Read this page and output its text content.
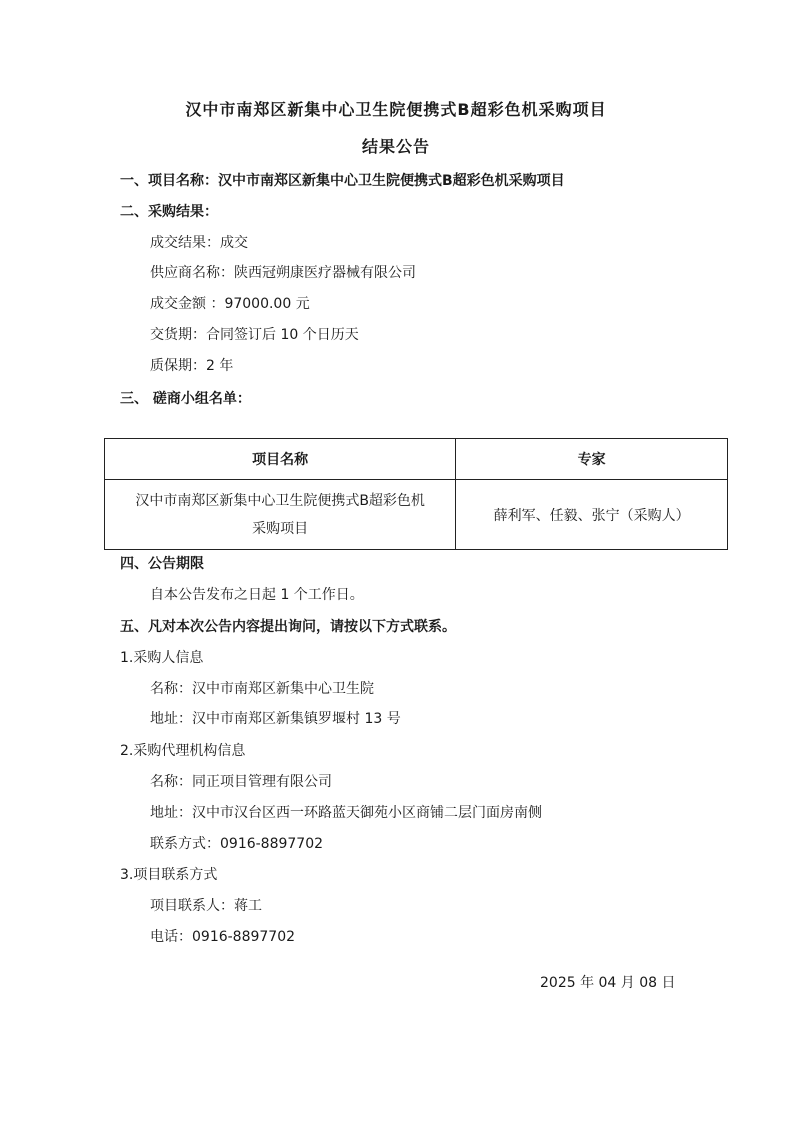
汉中市南郑区新集中心卫生院便携式B超彩色机采购项目
结果公告
一、项目名称：汉中市南郑区新集中心卫生院便携式B超彩色机采购项目
二、采购结果：
成交结果：成交
供应商名称：陕西冠朔康医疗器械有限公司
成交金额 ：97000.00 元
交货期：合同签订后 10 个日历天
质保期：2 年
三、 磋商小组名单：
项目名称	专家

汉中市南郑区新集中心卫生院便携式B超彩色机
采购项目	薛利军、任毅、张宁（采购人）
四、公告期限
自本公告发布之日起 1 个工作日。
五、凡对本次公告内容提出询问，请按以下方式联系。
1.采购人信息
名称：汉中市南郑区新集中心卫生院
地址：汉中市南郑区新集镇罗堰村 13 号
2.采购代理机构信息
名称：同正项目管理有限公司
地址：汉中市汉台区西一环路蓝天御苑小区商铺二层门面房南侧
联系方式：0916-8897702
3.项目联系方式
项目联系人：蒋工
电话：0916-8897702
2025 年 04 月 08 日
